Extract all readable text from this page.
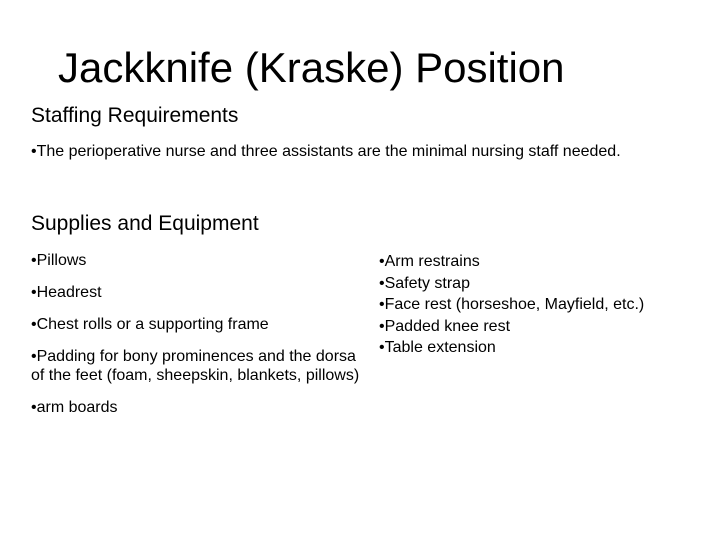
Jackknife (Kraske) Position
Staffing Requirements
•The perioperative nurse and three assistants are the minimal nursing staff needed.
Supplies and Equipment
•Pillows
•Headrest
•Chest rolls or a supporting frame
•Padding for bony prominences and the dorsa of the feet (foam, sheepskin, blankets, pillows)
•arm boards
•Arm restrains
•Safety strap
•Face rest (horseshoe, Mayfield, etc.)
•Padded knee rest
•Table extension
